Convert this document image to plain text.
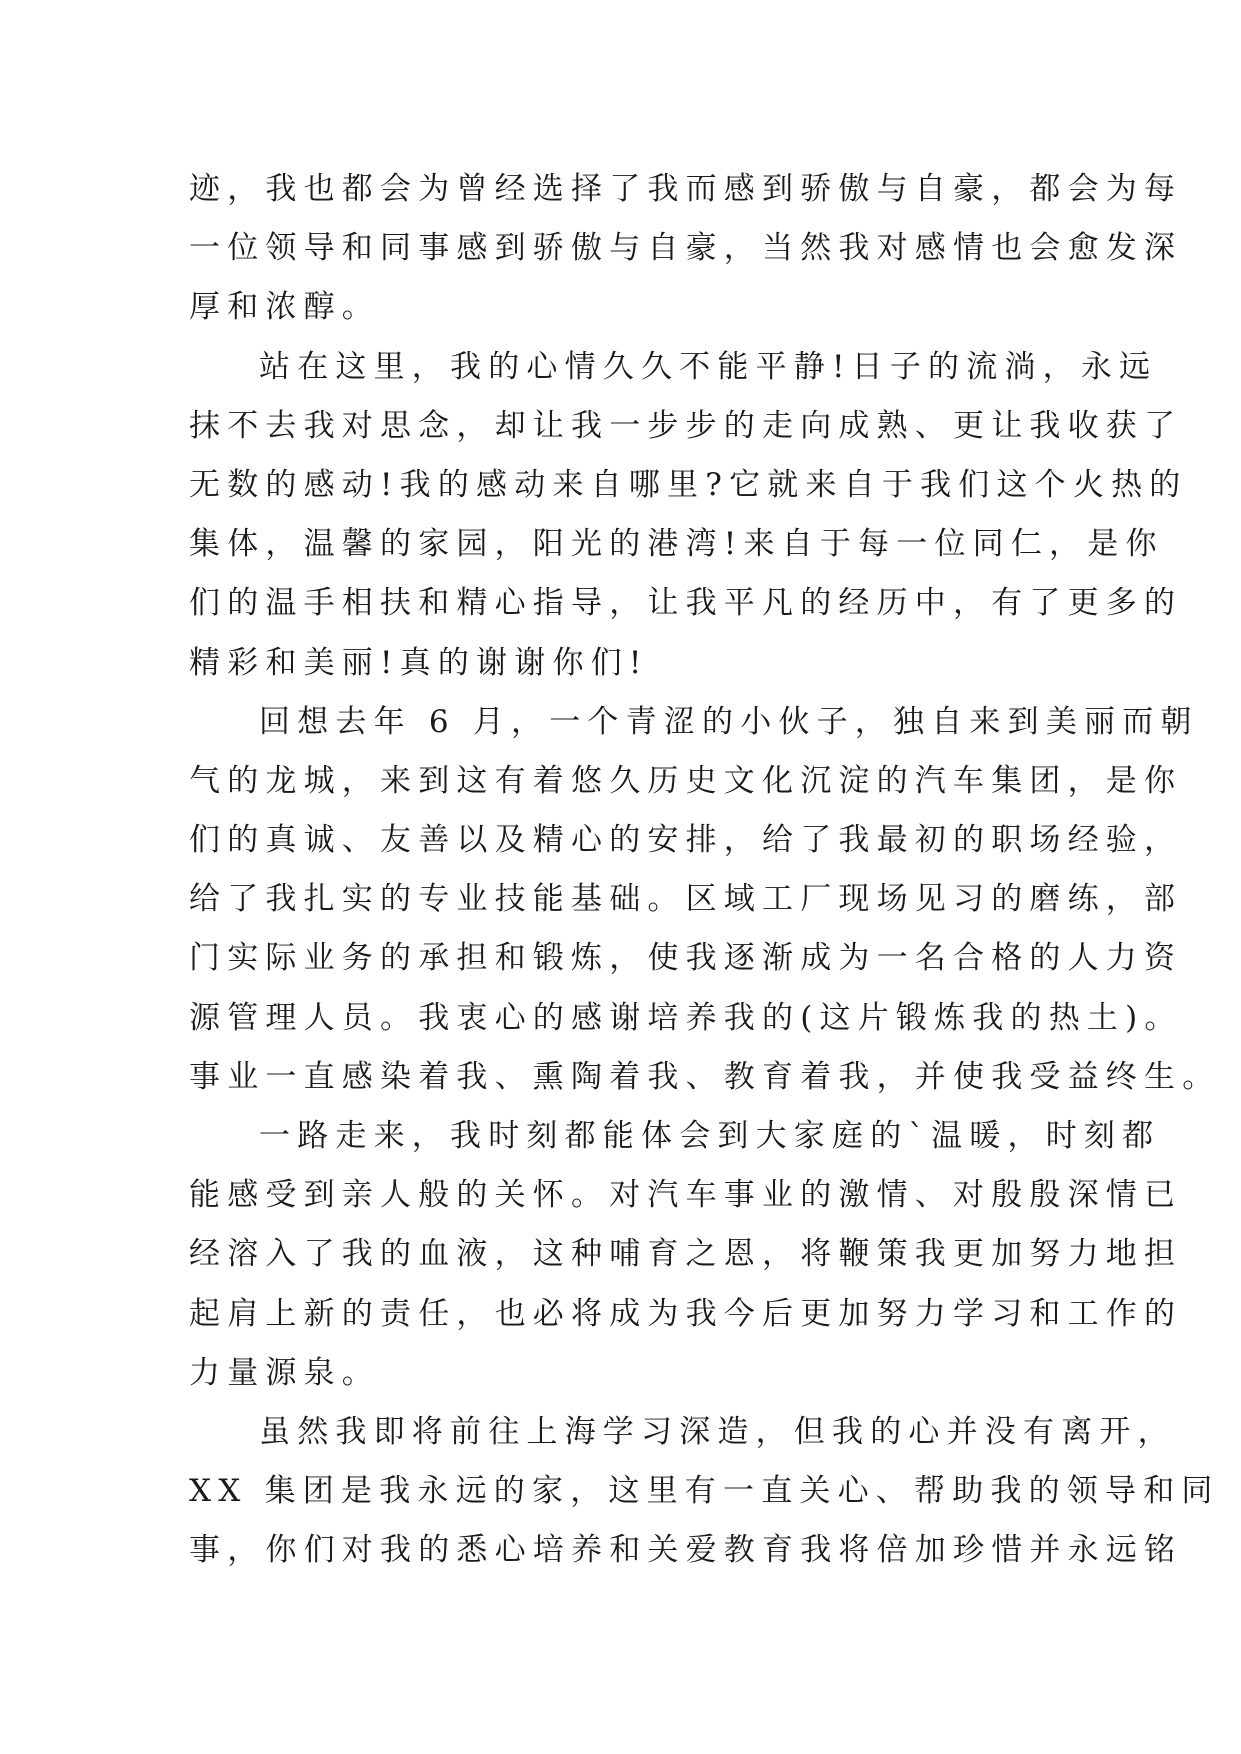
迹，我也都会为曾经选择了我而感到骄傲与自豪，都会为每
一位领导和同事感到骄傲与自豪，当然我对感情也会愈发深
厚和浓醇。
站在这里，我的心情久久不能平静!日子的流淌，永远
抹不去我对思念，却让我一步步的走向成熟、更让我收获了
无数的感动!我的感动来自哪里?它就来自于我们这个火热的
集体，温馨的家园，阳光的港湾!来自于每一位同仁，是你
们的温手相扶和精心指导，让我平凡的经历中，有了更多的
精彩和美丽!真的谢谢你们!
回想去年 6 月，一个青涩的小伙子，独自来到美丽而朝
气的龙城，来到这有着悠久历史文化沉淀的汽车集团，是你
们的真诚、友善以及精心的安排，给了我最初的职场经验，
给了我扎实的专业技能基础。区域工厂现场见习的磨练，部
门实际业务的承担和锻炼，使我逐渐成为一名合格的人力资
源管理人员。我衷心的感谢培养我的(这片锻炼我的热土)。
事业一直感染着我、熏陶着我、教育着我，并使我受益终生。
一路走来，我时刻都能体会到大家庭的`温暖，时刻都
能感受到亲人般的关怀。对汽车事业的激情、对殷殷深情已
经溶入了我的血液，这种哺育之恩，将鞭策我更加努力地担
起肩上新的责任，也必将成为我今后更加努力学习和工作的
力量源泉。
虽然我即将前往上海学习深造，但我的心并没有离开，
XX 集团是我永远的家，这里有一直关心、帮助我的领导和同
事，你们对我的悉心培养和关爱教育我将倍加珍惜并永远铭
